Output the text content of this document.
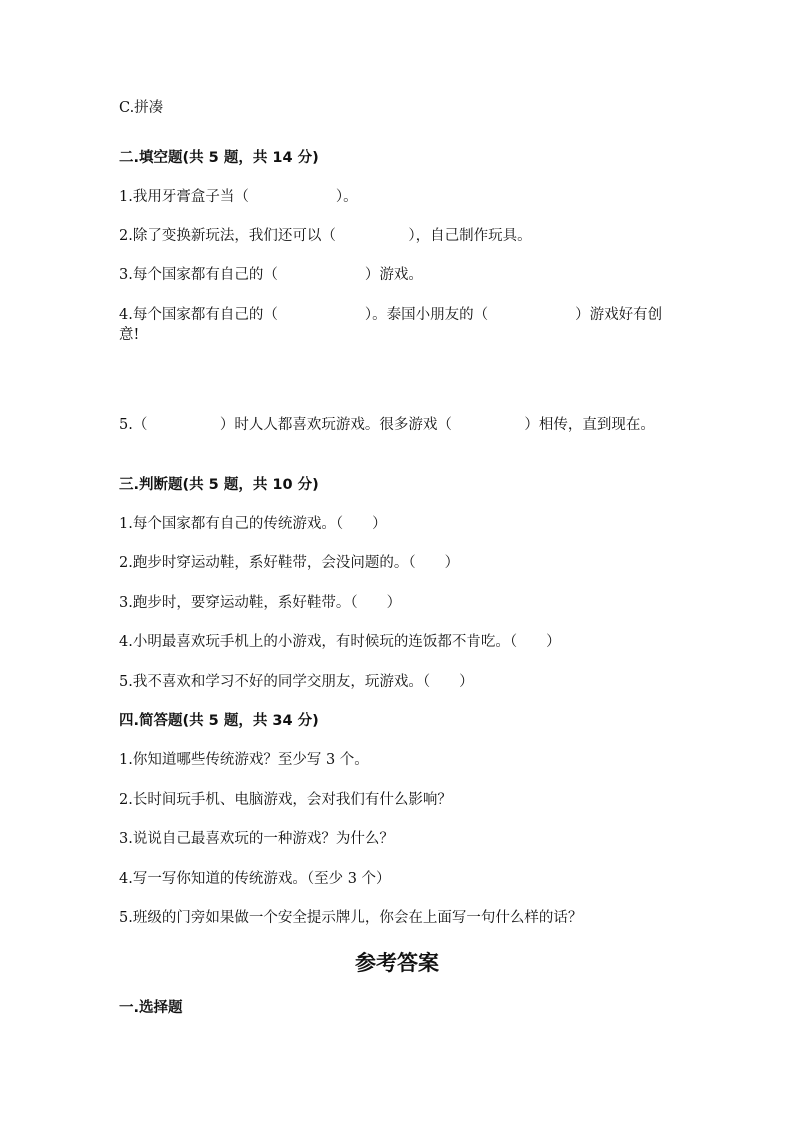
C.拼凑
二.填空题(共 5 题，共 14 分)
1.我用牙膏盒子当（　　　　　　）。
2.除了变换新玩法，我们还可以（　　　　　），自己制作玩具。
3.每个国家都有自己的（　　　　　　）游戏。
4.每个国家都有自己的（　　　　　　）。泰国小朋友的（　　　　　　）游戏好有创意!
5.（　　　　　）时人人都喜欢玩游戏。很多游戏（　　　　　）相传，直到现在。
三.判断题(共 5 题，共 10 分)
1.每个国家都有自己的传统游戏。（　　）
2.跑步时穿运动鞋，系好鞋带，会没问题的。（　　）
3.跑步时，要穿运动鞋，系好鞋带。（　　）
4.小明最喜欢玩手机上的小游戏，有时候玩的连饭都不肯吃。（　　）
5.我不喜欢和学习不好的同学交朋友，玩游戏。（　　）
四.简答题(共 5 题，共 34 分)
1.你知道哪些传统游戏？至少写 3 个。
2.长时间玩手机、电脑游戏，会对我们有什么影响？
3.说说自己最喜欢玩的一种游戏？为什么？
4.写一写你知道的传统游戏。（至少 3 个）
5.班级的门旁如果做一个安全提示牌儿，你会在上面写一句什么样的话？
参考答案
一.选择题
